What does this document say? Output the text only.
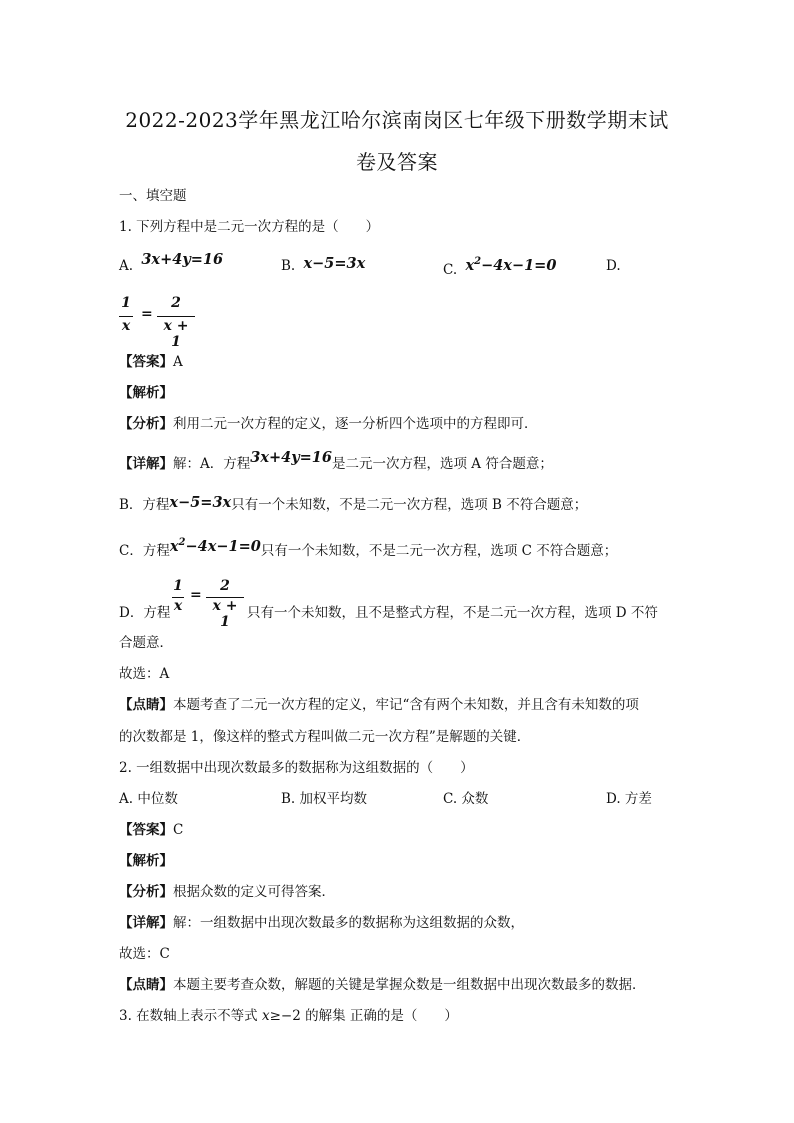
2022-2023学年黑龙江哈尔滨南岗区七年级下册数学期末试
卷及答案
一、填空题
1. 下列方程中是二元一次方程的是（　　）
A. 3x+4y=16	B. x−5=3x	C. $x^2-4x-1=0$	D.
1
x
=
2
x + 1
【答案】A
【解析】
【分析】利用二元一次方程的定义，逐一分析四个选项中的方程即可．
【详解】解：A．方程3x+4y=16是二元一次方程，选项 A 符合题意；
B．方程x−5=3x只有一个未知数，不是二元一次方程，选项 B 不符合题意；
C．方程$x^2-4x-1=0$只有一个未知数，不是二元一次方程，选项 C 不符合题意；
1
x
=
2
x + 1
D．方程	只有一个未知数，且不是整式方程，不是二元一次方程，选项 D 不符
合题意．
故选：A
【点睛】本题考查了二元一次方程的定义，牢记“含有两个未知数，并且含有未知数的项
的次数都是 1，像这样的整式方程叫做二元一次方程”是解题的关键．
2. 一组数据中出现次数最多的数据称为这组数据的（　　）
A. 中位数	B. 加权平均数	C. 众数	D. 方差
【答案】C
【解析】
【分析】根据众数的定义可得答案．
【详解】解：一组数据中出现次数最多的数据称为这组数据的众数，
故选：C
【点睛】本题主要考查众数，解题的关键是掌握众数是一组数据中出现次数最多的数据．
3. 在数轴上表示不等式 x≥−2 的解集 正确的是（　　）
